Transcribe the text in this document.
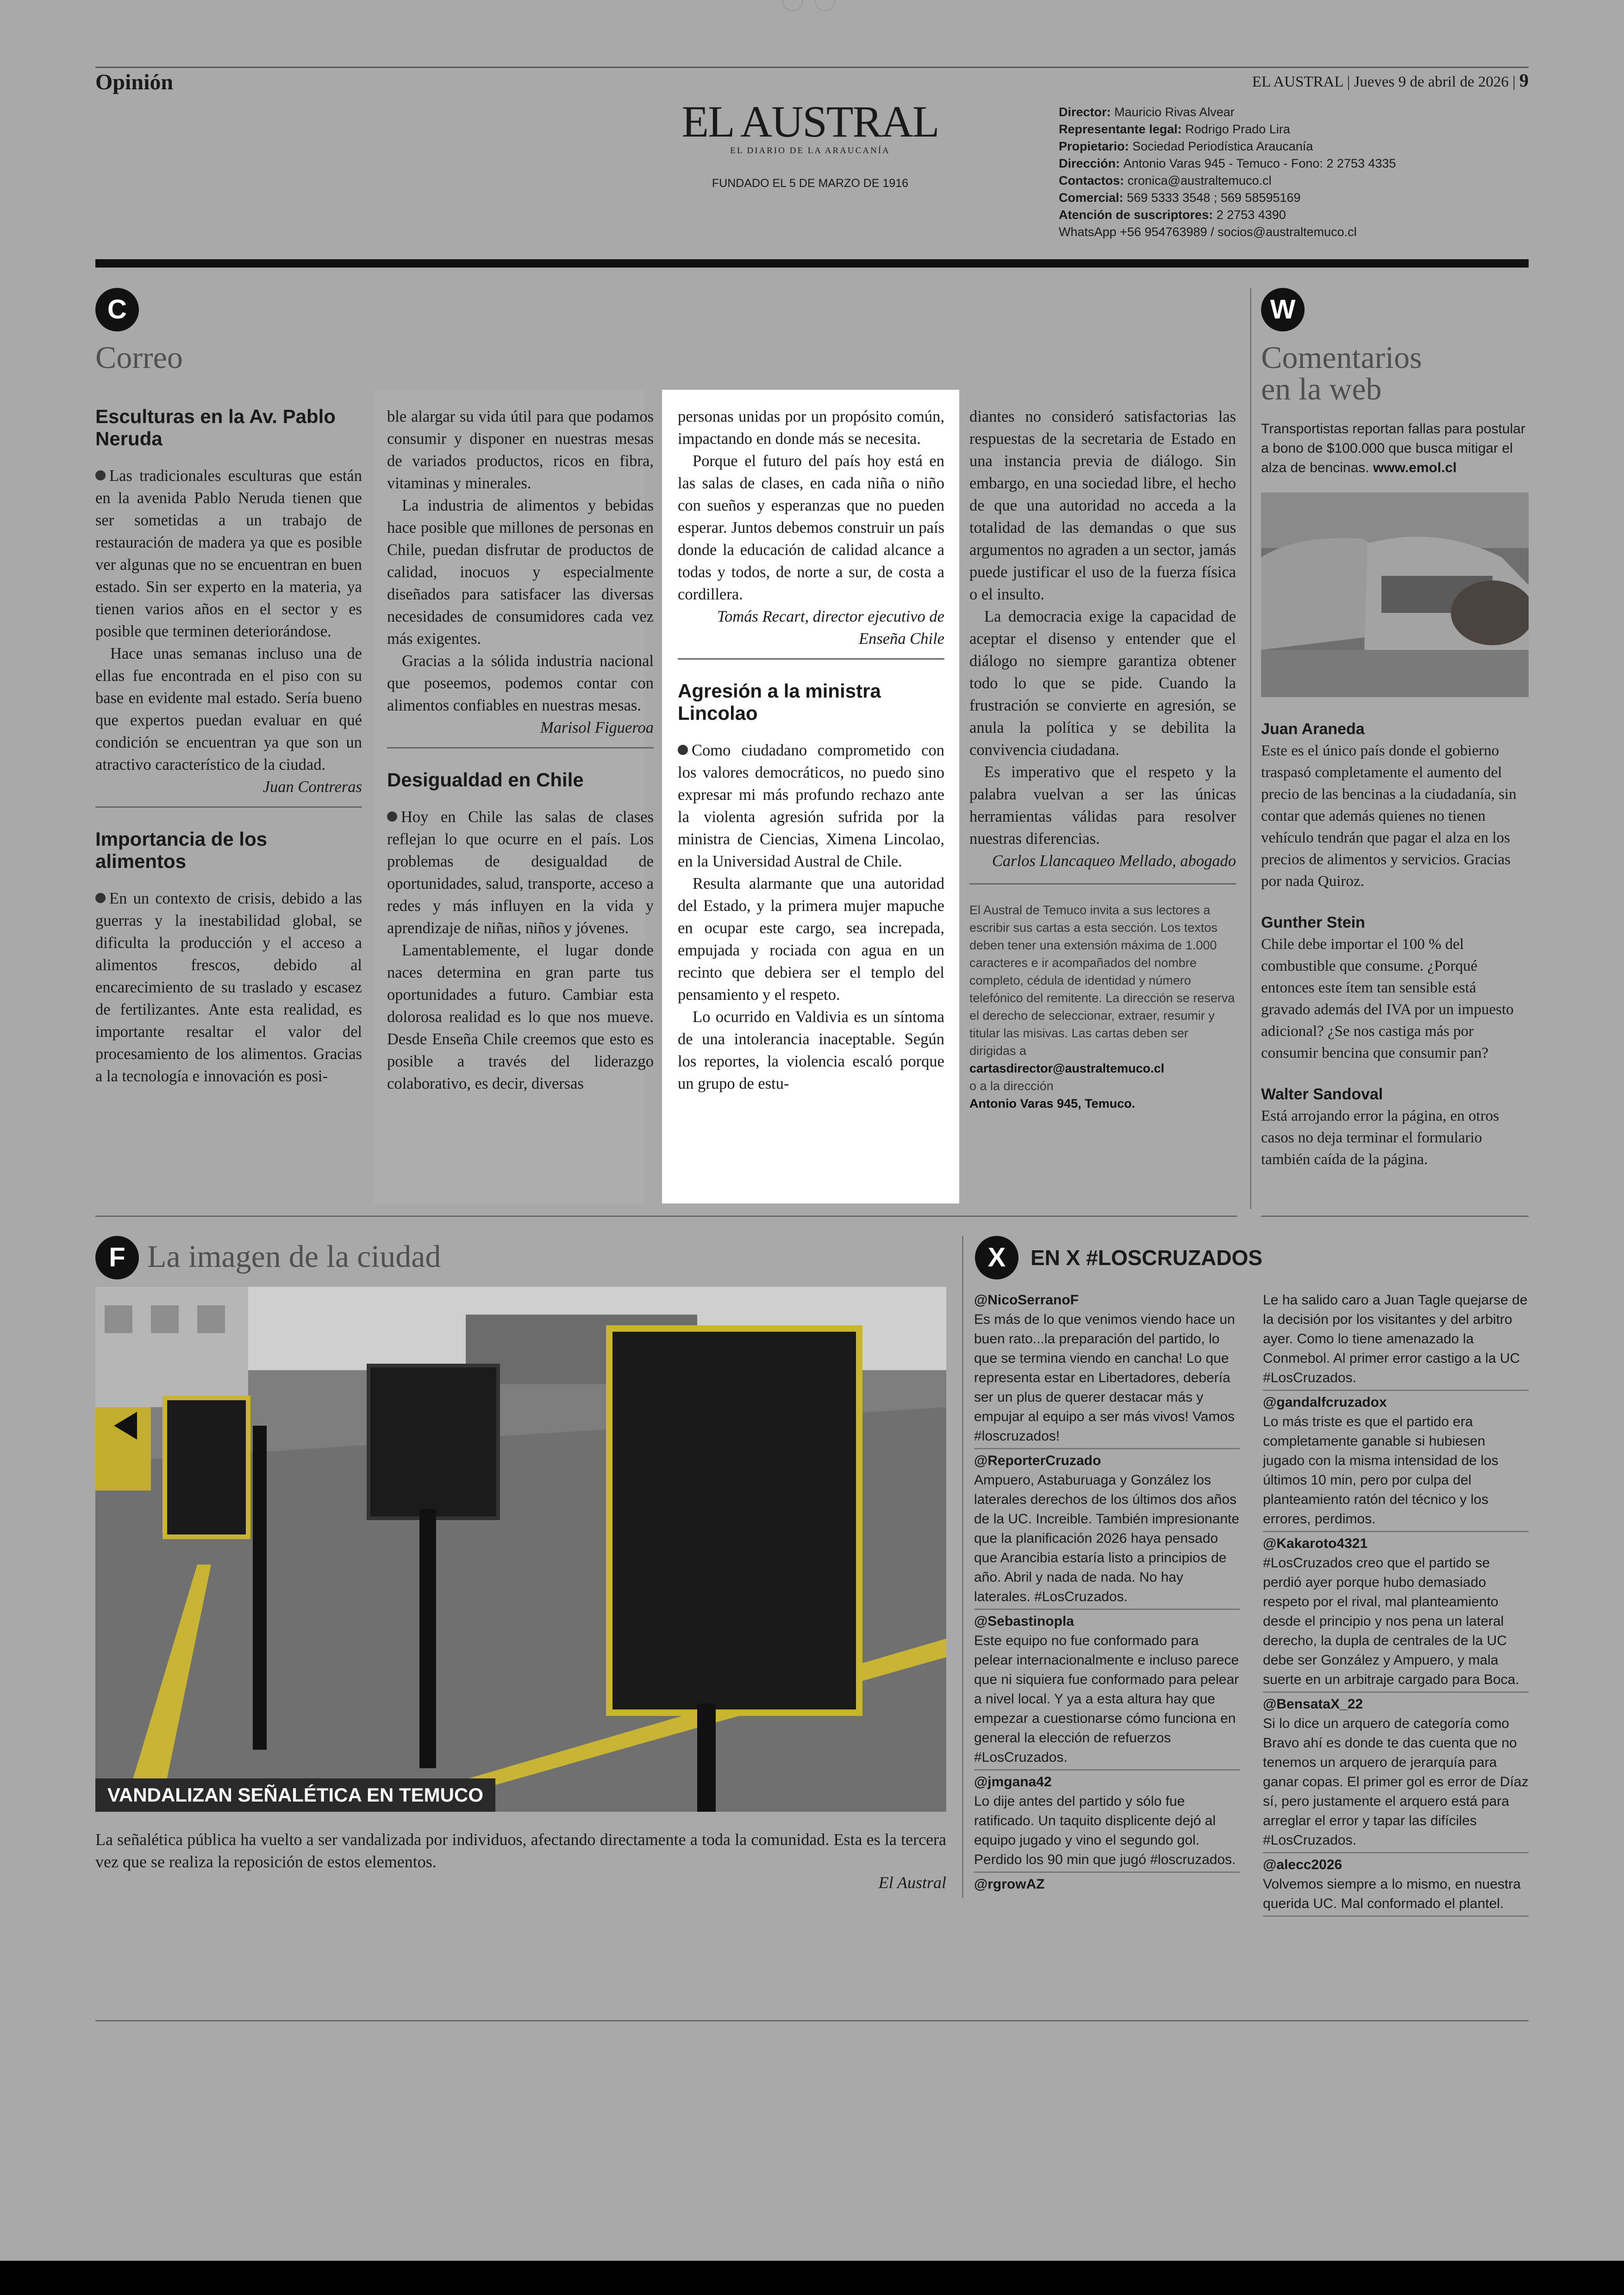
Opinión	EL AUSTRAL | Jueves 9 de abril de 2026 | 9
EL AUSTRAL
EL DIARIO DE LA ARAUCANÍA
FUNDADO EL 5 DE MARZO DE 1916
Director: Mauricio Rivas Alvear
Representante legal: Rodrigo Prado Lira
Propietario: Sociedad Periodística Araucanía
Dirección: Antonio Varas 945 - Temuco - Fono: 2 2753 4335
Contactos: cronica@australtemuco.cl
Comercial: 569 5333 3548 ; 569 58595169
Atención de suscriptores: 2 2753 4390
WhatsApp +56 954763989 / socios@australtemuco.cl
C
Correo
Esculturas en la Av. Pablo Neruda

Las tradicionales esculturas que están en la avenida Pablo Neruda tienen que ser sometidas a un trabajo de restauración de madera ya que es posible ver algunas que no se encuentran en buen estado. Sin ser experto en la materia, ya tienen varios años en el sector y es posible que terminen deteriorándose.

Hace unas semanas incluso una de ellas fue encontrada en el piso con su base en evidente mal estado. Sería bueno que expertos puedan evaluar en qué condición se encuentran ya que son un atractivo característico de la ciudad.

Juan Contreras

Importancia de los alimentos

En un contexto de crisis, debido a las guerras y la inestabilidad global, se dificulta la producción y el acceso a alimentos frescos, debido al encarecimiento de su traslado y escasez de fertilizantes. Ante esta realidad, es importante resaltar el valor del procesamiento de los alimentos. Gracias a la tecnología e innovación es posi-

ble alargar su vida útil para que podamos consumir y disponer en nuestras mesas de variados productos, ricos en fibra, vitaminas y minerales.

La industria de alimentos y bebidas hace posible que millones de personas en Chile, puedan disfrutar de productos de calidad, inocuos y especialmente diseñados para satisfacer las diversas necesidades de consumidores cada vez más exigentes.

Gracias a la sólida industria nacional que poseemos, podemos contar con alimentos confiables en nuestras mesas.

Marisol Figueroa

Desigualdad en Chile

Hoy en Chile las salas de clases reflejan lo que ocurre en el país. Los problemas de desigualdad de oportunidades, salud, transporte, acceso a redes y más influyen en la vida y aprendizaje de niñas, niños y jóvenes.

Lamentablemente, el lugar donde naces determina en gran parte tus oportunidades a futuro. Cambiar esta dolorosa realidad es lo que nos mueve. Desde Enseña Chile creemos que esto es posible a través del liderazgo colaborativo, es decir, diversas

personas unidas por un propósito común, impactando en donde más se necesita.

Porque el futuro del país hoy está en las salas de clases, en cada niña o niño con sueños y esperanzas que no pueden esperar. Juntos debemos construir un país donde la educación de calidad alcance a todas y todos, de norte a sur, de costa a cordillera.

Tomás Recart, director ejecutivo de Enseña Chile

Agresión a la ministra Lincolao

Como ciudadano comprometido con los valores democráticos, no puedo sino expresar mi más profundo rechazo ante la violenta agresión sufrida por la ministra de Ciencias, Ximena Lincolao, en la Universidad Austral de Chile.

Resulta alarmante que una autoridad del Estado, y la primera mujer mapuche en ocupar este cargo, sea increpada, empujada y rociada con agua en un recinto que debiera ser el templo del pensamiento y el respeto.

Lo ocurrido en Valdivia es un síntoma de una intolerancia inaceptable. Según los reportes, la violencia escaló porque un grupo de estu-

diantes no consideró satisfactorias las respuestas de la secretaria de Estado en una instancia previa de diálogo. Sin embargo, en una sociedad libre, el hecho de que una autoridad no acceda a la totalidad de las demandas o que sus argumentos no agraden a un sector, jamás puede justificar el uso de la fuerza física o el insulto.

La democracia exige la capacidad de aceptar el disenso y entender que el diálogo no siempre garantiza obtener todo lo que se pide. Cuando la frustración se convierte en agresión, se anula la política y se debilita la convivencia ciudadana.

Es imperativo que el respeto y la palabra vuelvan a ser las únicas herramientas válidas para resolver nuestras diferencias.

Carlos Llancaqueo Mellado, abogado

El Austral de Temuco invita a sus lectores a escribir sus cartas a esta sección. Los textos deben tener una extensión máxima de 1.000 caracteres e ir acompañados del nombre completo, cédula de identidad y número telefónico del remitente. La dirección se reserva el derecho de seleccionar, extraer, resumir y titular las misivas. Las cartas deben ser dirigidas a
cartasdirector@australtemuco.cl
o a la dirección
Antonio Varas 945, Temuco.
W
Comentarios
en la web
Transportistas reportan fallas para postular a bono de $100.000 que busca mitigar el alza de bencinas. www.emol.cl
Juan Araneda
Este es el único país donde el gobierno traspasó completamente el aumento del precio de las bencinas a la ciudadanía, sin contar que además quienes no tienen vehículo tendrán que pagar el alza en los precios de alimentos y servicios. Gracias por nada Quiroz.
Gunther Stein
Chile debe importar el 100 % del combustible que consume. ¿Porqué entonces este ítem tan sensible está gravado además del IVA por un impuesto adicional? ¿Se nos castiga más por consumir bencina que consumir pan?
Walter Sandoval
Está arrojando error la página, en otros casos no deja terminar el formulario también caída de la página.
F La imagen de la ciudad
VANDALIZAN SEÑALÉTICA EN TEMUCO
La señalética pública ha vuelto a ser vandalizada por individuos, afectando directamente a toda la comunidad. Esta es la tercera vez que se realiza la reposición de estos elementos.
El Austral
X	EN X #LOSCRUZADOS
@NicoSerranoF
Es más de lo que venimos viendo hace un buen rato...la preparación del partido, lo que se termina viendo en cancha! Lo que representa estar en Libertadores, debería ser un plus de querer destacar más y empujar al equipo a ser más vivos! Vamos #loscruzados!
@ReporterCruzado
Ampuero, Astaburuaga y González los laterales derechos de los últimos dos años de la UC. Increible. También impresionante que la planificación 2026 haya pensado que Arancibia estaría listo a principios de año. Abril y nada de nada. No hay laterales. #LosCruzados.
@Sebastinopla
Este equipo no fue conformado para pelear internacionalmente e incluso parece que ni siquiera fue conformado para pelear a nivel local. Y ya a esta altura hay que empezar a cuestionarse cómo funciona en general la elección de refuerzos #LosCruzados.
@jmgana42
Lo dije antes del partido y sólo fue ratificado. Un taquito displicente dejó al equipo jugado y vino el segundo gol. Perdido los 90 min que jugó #loscruzados.
@rgrowAZ
Le ha salido caro a Juan Tagle quejarse de la decisión por los visitantes y del arbitro ayer. Como lo tiene amenazado la Conmebol. Al primer error castigo a la UC #LosCruzados.
@gandalfcruzadox
Lo más triste es que el partido era completamente ganable si hubiesen jugado con la misma intensidad de los últimos 10 min, pero por culpa del planteamiento ratón del técnico y los errores, perdimos.
@Kakaroto4321
#LosCruzados creo que el partido se perdió ayer porque hubo demasiado respeto por el rival, mal planteamiento desde el principio y nos pena un lateral derecho, la dupla de centrales de la UC debe ser González y Ampuero, y mala suerte en un arbitraje cargado para Boca.
@BensataX_22
Si lo dice un arquero de categoría como Bravo ahí es donde te das cuenta que no tenemos un arquero de jerarquía para ganar copas. El primer gol es error de Díaz sí, pero justamente el arquero está para arreglar el error y tapar las difíciles #LosCruzados.
@alecc2026
Volvemos siempre a lo mismo, en nuestra querida UC. Mal conformado el plantel.
